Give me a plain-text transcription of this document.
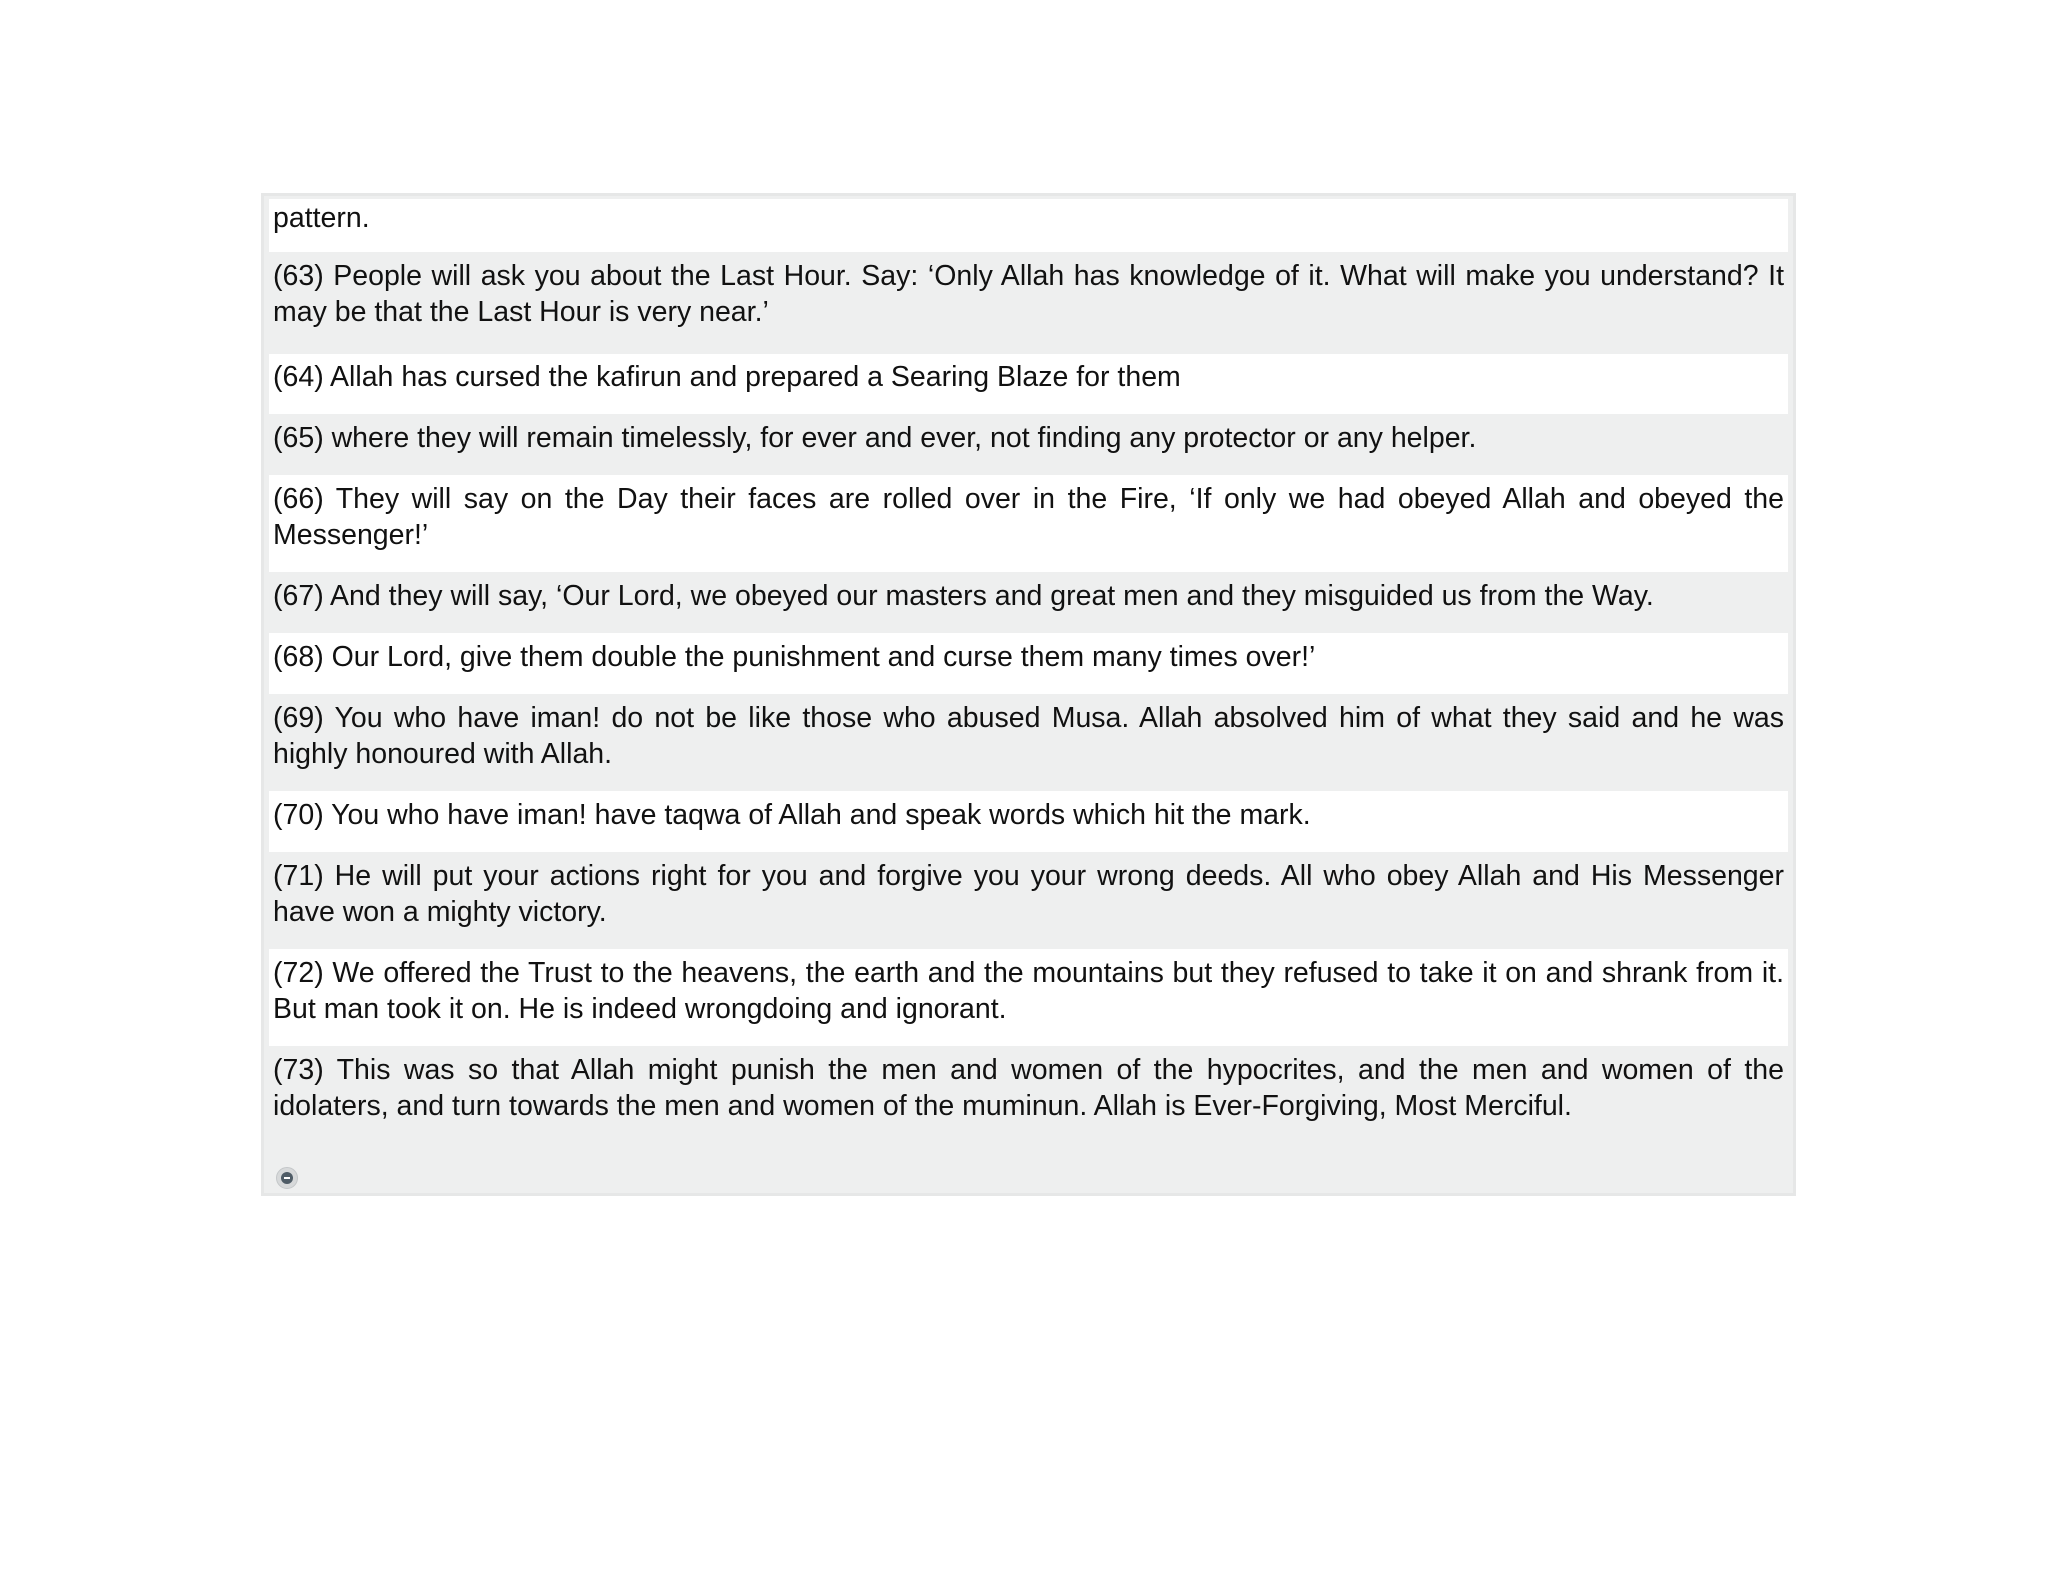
pattern.
(63) People will ask you about the Last Hour. Say: ‘Only Allah has knowledge of it. What will make you understand? It may be that the Last Hour is very near.’
(64) Allah has cursed the kafirun and prepared a Searing Blaze for them
(65) where they will remain timelessly, for ever and ever, not finding any protector or any helper.
(66) They will say on the Day their faces are rolled over in the Fire, ‘If only we had obeyed Allah and obeyed the Messenger!’
(67) And they will say, ‘Our Lord, we obeyed our masters and great men and they misguided us from the Way.
(68) Our Lord, give them double the punishment and curse them many times over!’
(69) You who have iman! do not be like those who abused Musa. Allah absolved him of what they said and he was highly honoured with Allah.
(70) You who have iman! have taqwa of Allah and speak words which hit the mark.
(71) He will put your actions right for you and forgive you your wrong deeds. All who obey Allah and His Messenger have won a mighty victory.
(72) We offered the Trust to the heavens, the earth and the mountains but they refused to take it on and shrank from it. But man took it on. He is indeed wrongdoing and ignorant.
(73) This was so that Allah might punish the men and women of the hypocrites, and the men and women of the idolaters, and turn towards the men and women of the muminun. Allah is Ever-Forgiving, Most Merciful.
